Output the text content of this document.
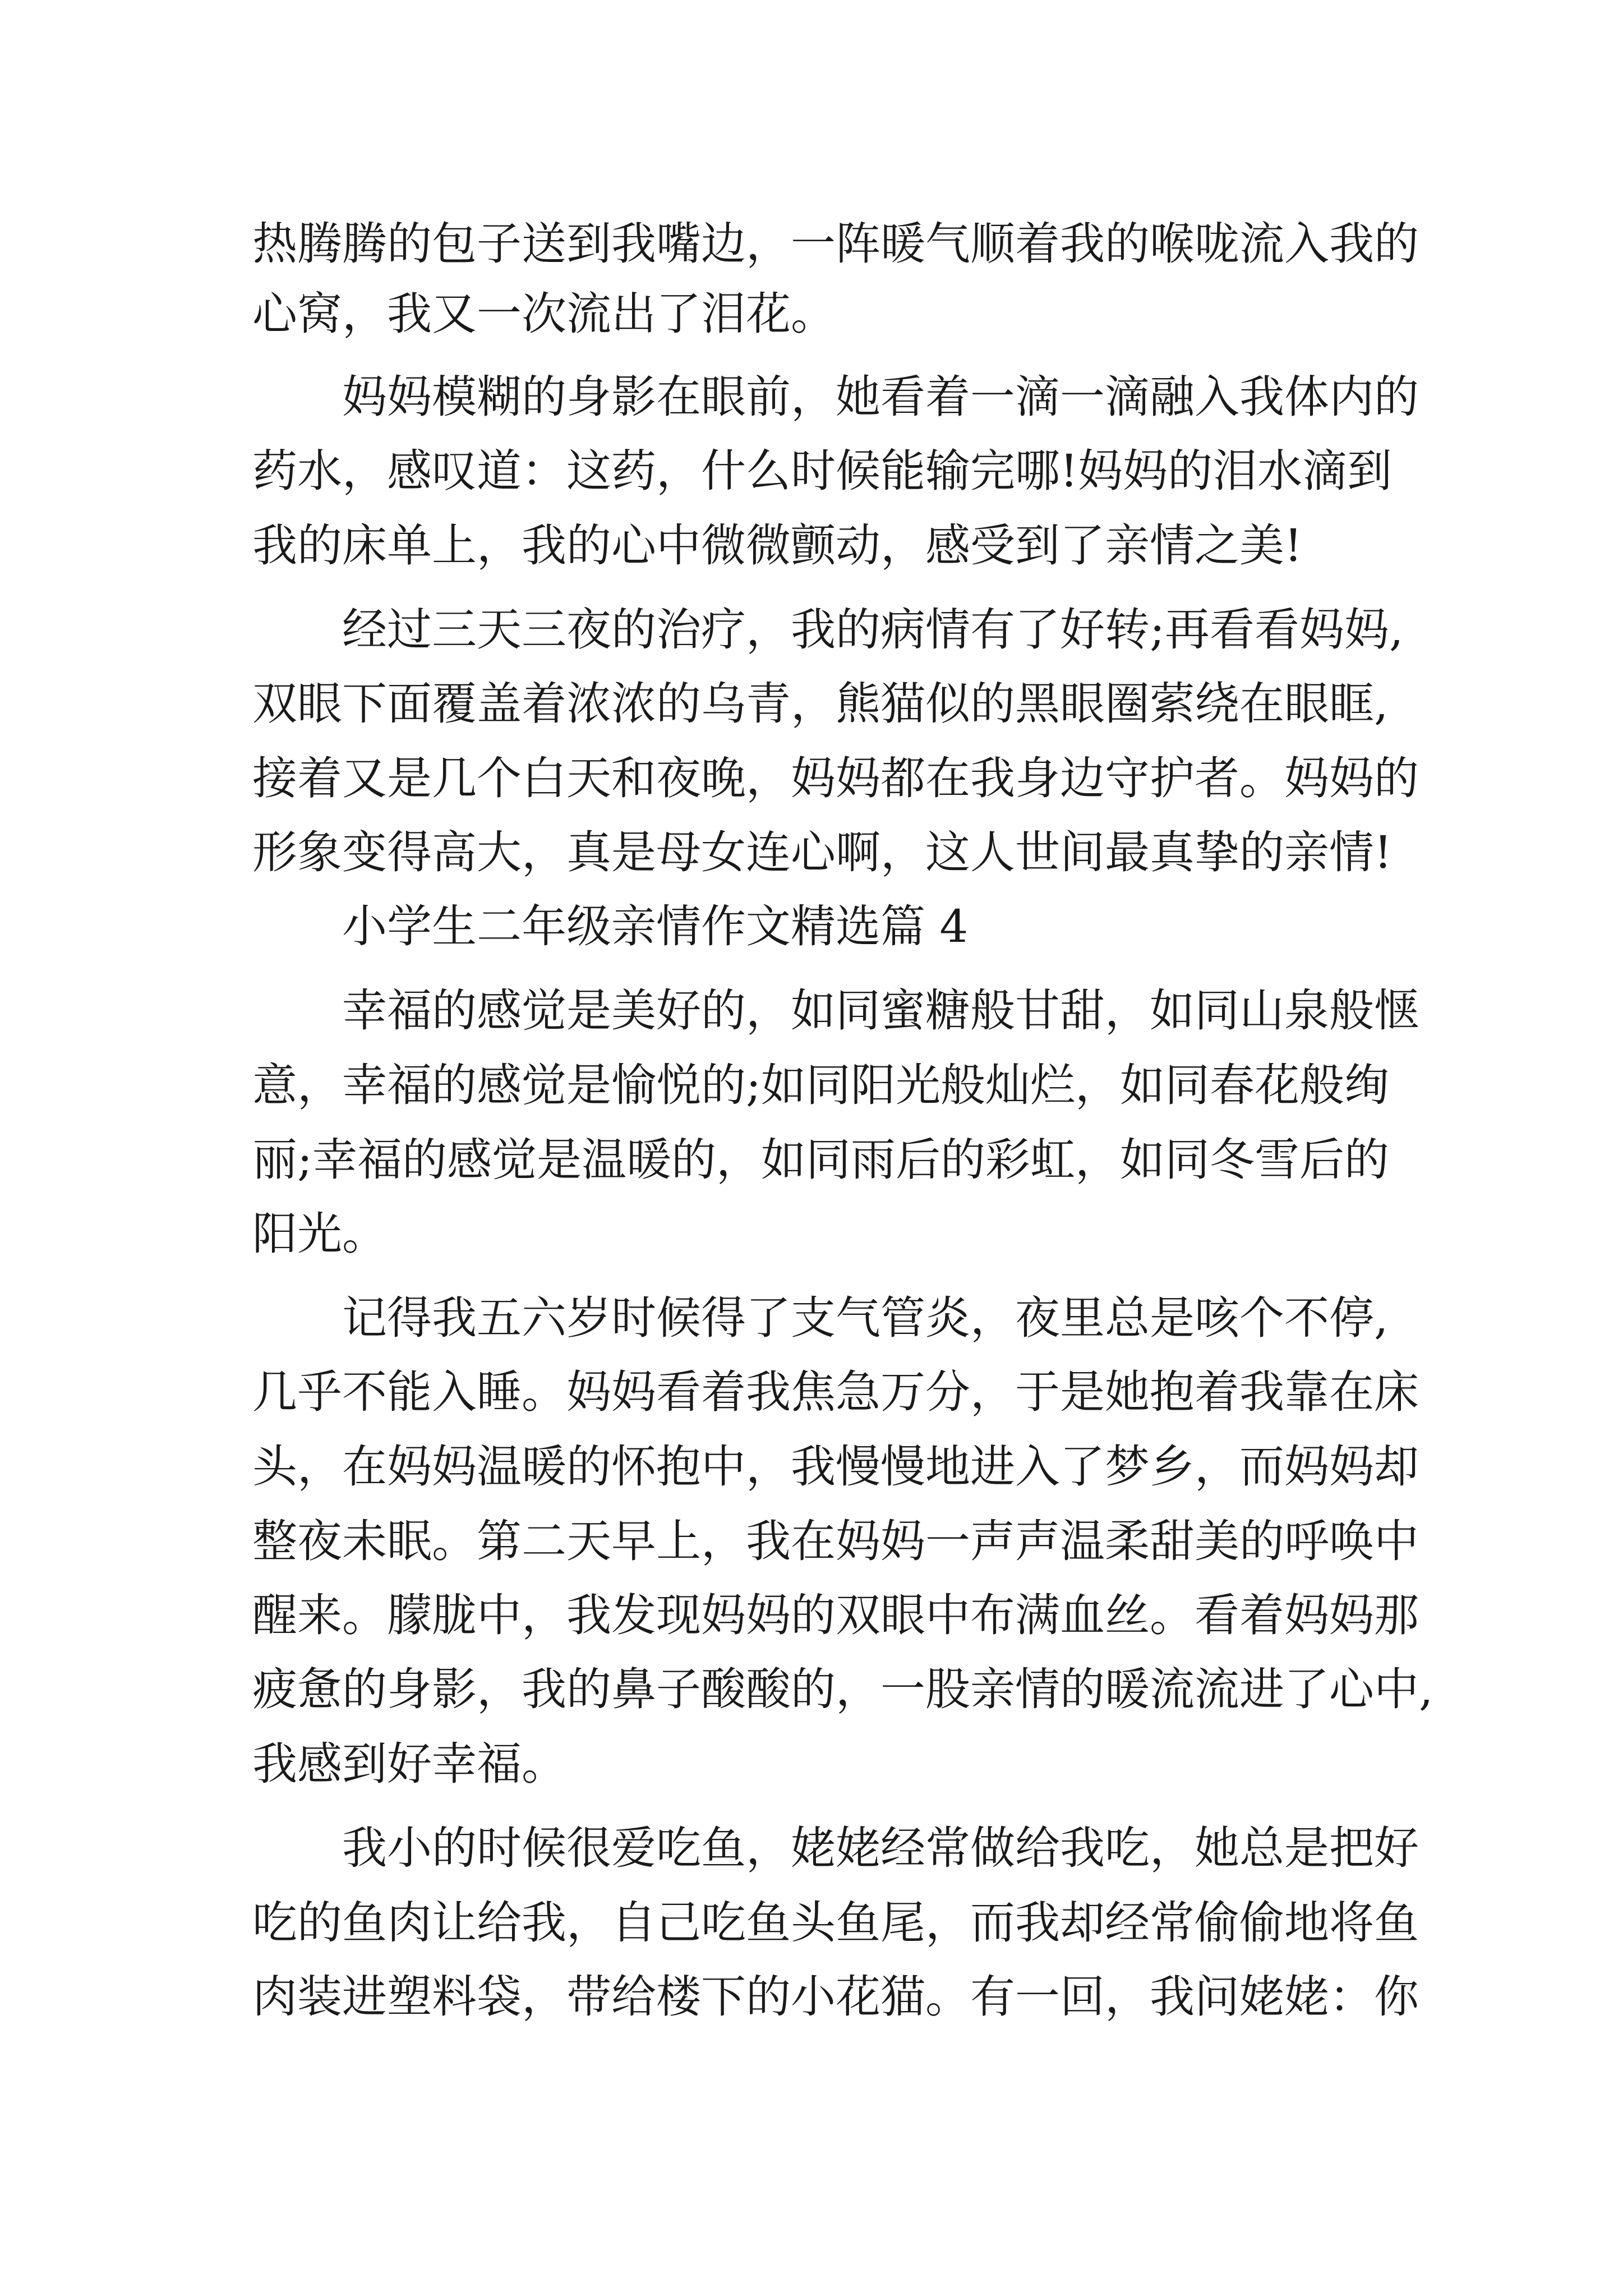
热腾腾的包子送到我嘴边，一阵暖气顺着我的喉咙流入我的

心窝，我又一次流出了泪花。

妈妈模糊的身影在眼前，她看着一滴一滴融入我体内的

药水，感叹道：这药，什么时候能输完哪!妈妈的泪水滴到

我的床单上，我的心中微微颤动，感受到了亲情之美!

经过三天三夜的治疗，我的病情有了好转;再看看妈妈,

双眼下面覆盖着浓浓的乌青，熊猫似的黑眼圈萦绕在眼眶,

接着又是几个白天和夜晚，妈妈都在我身边守护者。妈妈的

形象变得高大，真是母女连心啊，这人世间最真挚的亲情!

小学生二年级亲情作文精选篇 4

幸福的感觉是美好的，如同蜜糖般甘甜，如同山泉般惬

意，幸福的感觉是愉悦的;如同阳光般灿烂，如同春花般绚

丽;幸福的感觉是温暖的，如同雨后的彩虹，如同冬雪后的

阳光。

记得我五六岁时候得了支气管炎，夜里总是咳个不停,

几乎不能入睡。妈妈看着我焦急万分，于是她抱着我靠在床

头，在妈妈温暖的怀抱中，我慢慢地进入了梦乡，而妈妈却

整夜未眠。第二天早上，我在妈妈一声声温柔甜美的呼唤中

醒来。朦胧中，我发现妈妈的双眼中布满血丝。看着妈妈那

疲惫的身影，我的鼻子酸酸的，一股亲情的暖流流进了心中,

我感到好幸福。

我小的时候很爱吃鱼，姥姥经常做给我吃，她总是把好

吃的鱼肉让给我，自己吃鱼头鱼尾，而我却经常偷偷地将鱼

肉装进塑料袋，带给楼下的小花猫。有一回，我问姥姥：你
